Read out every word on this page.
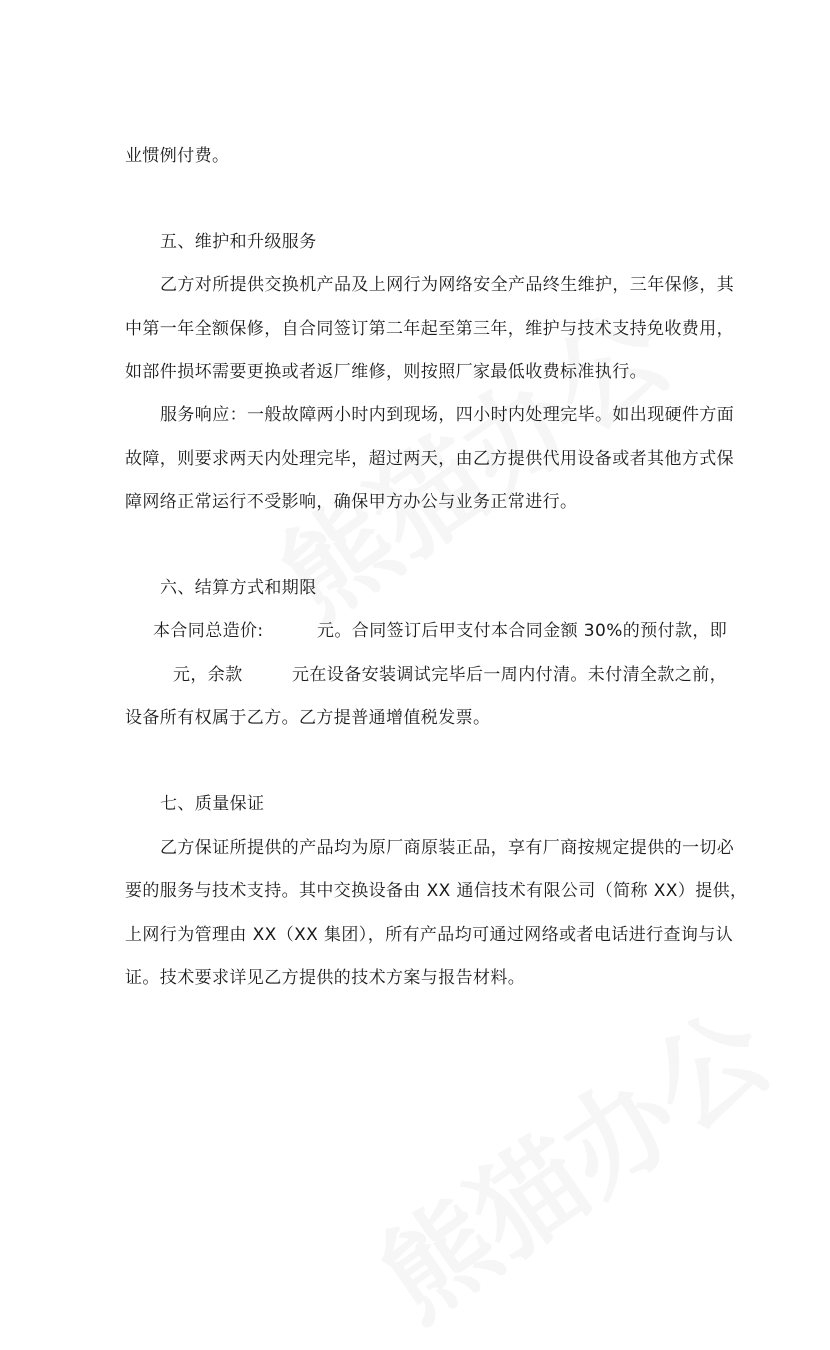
业惯例付费。
五、维护和升级服务
乙方对所提供交换机产品及上网行为网络安全产品终生维护，三年保修，其
中第一年全额保修，自合同签订第二年起至第三年，维护与技术支持免收费用，
如部件损坏需要更换或者返厂维修，则按照厂家最低收费标准执行。
服务响应：一般故障两小时内到现场，四小时内处理完毕。如出现硬件方面
故障，则要求两天内处理完毕，超过两天，由乙方提供代用设备或者其他方式保
障网络正常运行不受影响，确保甲方办公与业务正常进行。
六、结算方式和期限
本合同总造价:	元。合同签订后甲支付本合同金额 30%的预付款，即
元，余款	元在设备安装调试完毕后一周内付清。未付清全款之前，
设备所有权属于乙方。乙方提普通增值税发票。
七、质量保证
乙方保证所提供的产品均为原厂商原装正品，享有厂商按规定提供的一切必
要的服务与技术支持。其中交换设备由 XX 通信技术有限公司（简称 XX）提供，
上网行为管理由 XX（XX 集团），所有产品均可通过网络或者电话进行查询与认
证。技术要求详见乙方提供的技术方案与报告材料。
